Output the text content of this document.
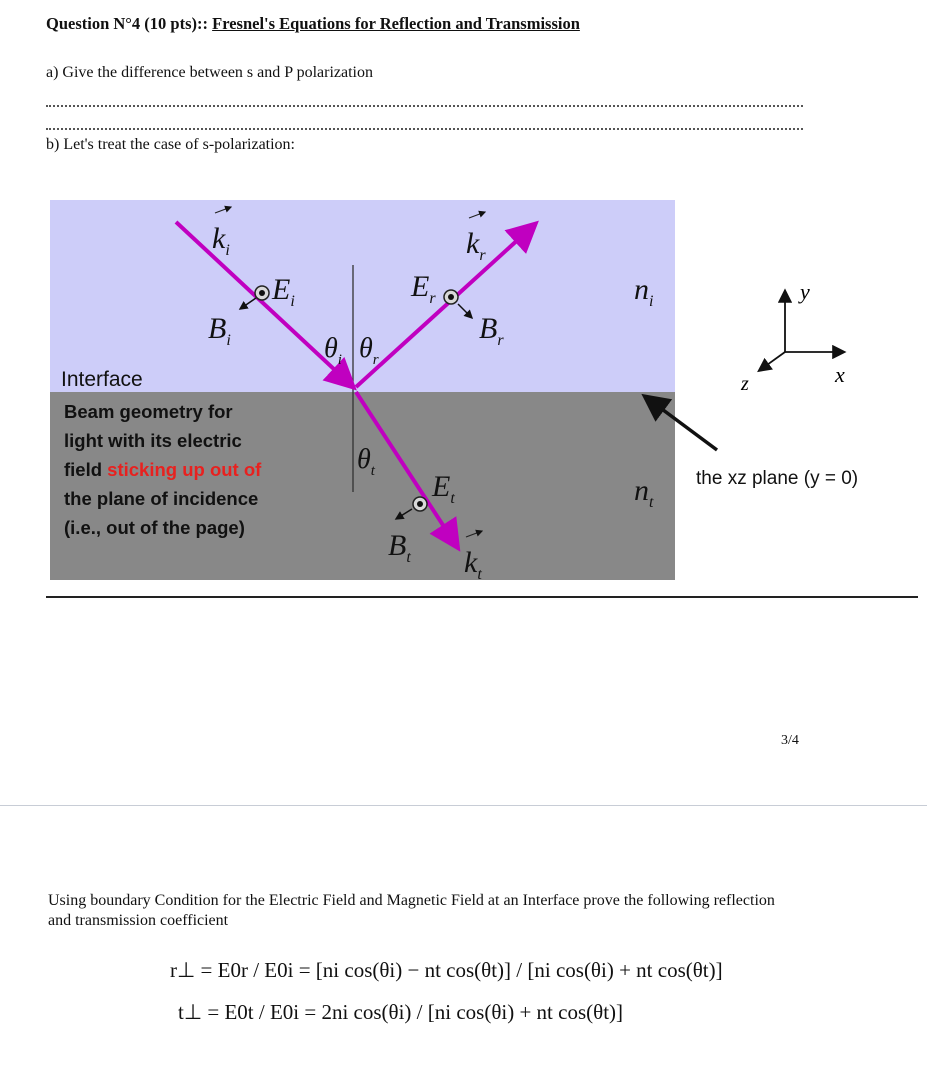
Question N°4 (10 pts):: Fresnel's Equations for Reflection and Transmission
a) Give the difference between s and P polarization
b) Let's treat the case of s-polarization:
$k_i$	$k_r$
$k_t$
$E_i$	$E_r$
$E_t$
$B_i$	$B_r$
$B_t$
$\theta_i$ $\theta_r$
$\theta_t$
$n_i$
$n_t$
Interface
Beam geometry for
light with its electric
field sticking up out of
the plane of incidence
(i.e., out of the page)
y
x
z
the xz plane (y = 0)
3/4
Using boundary Condition for the Electric Field and Magnetic Field at an Interface prove the following reflection and transmission coefficient
r⊥ = E0r / E0i = [ni cos(θi) − nt cos(θt)] / [ni cos(θi) + nt cos(θt)]
t⊥ = E0t / E0i = 2ni cos(θi) / [ni cos(θi) + nt cos(θt)]
